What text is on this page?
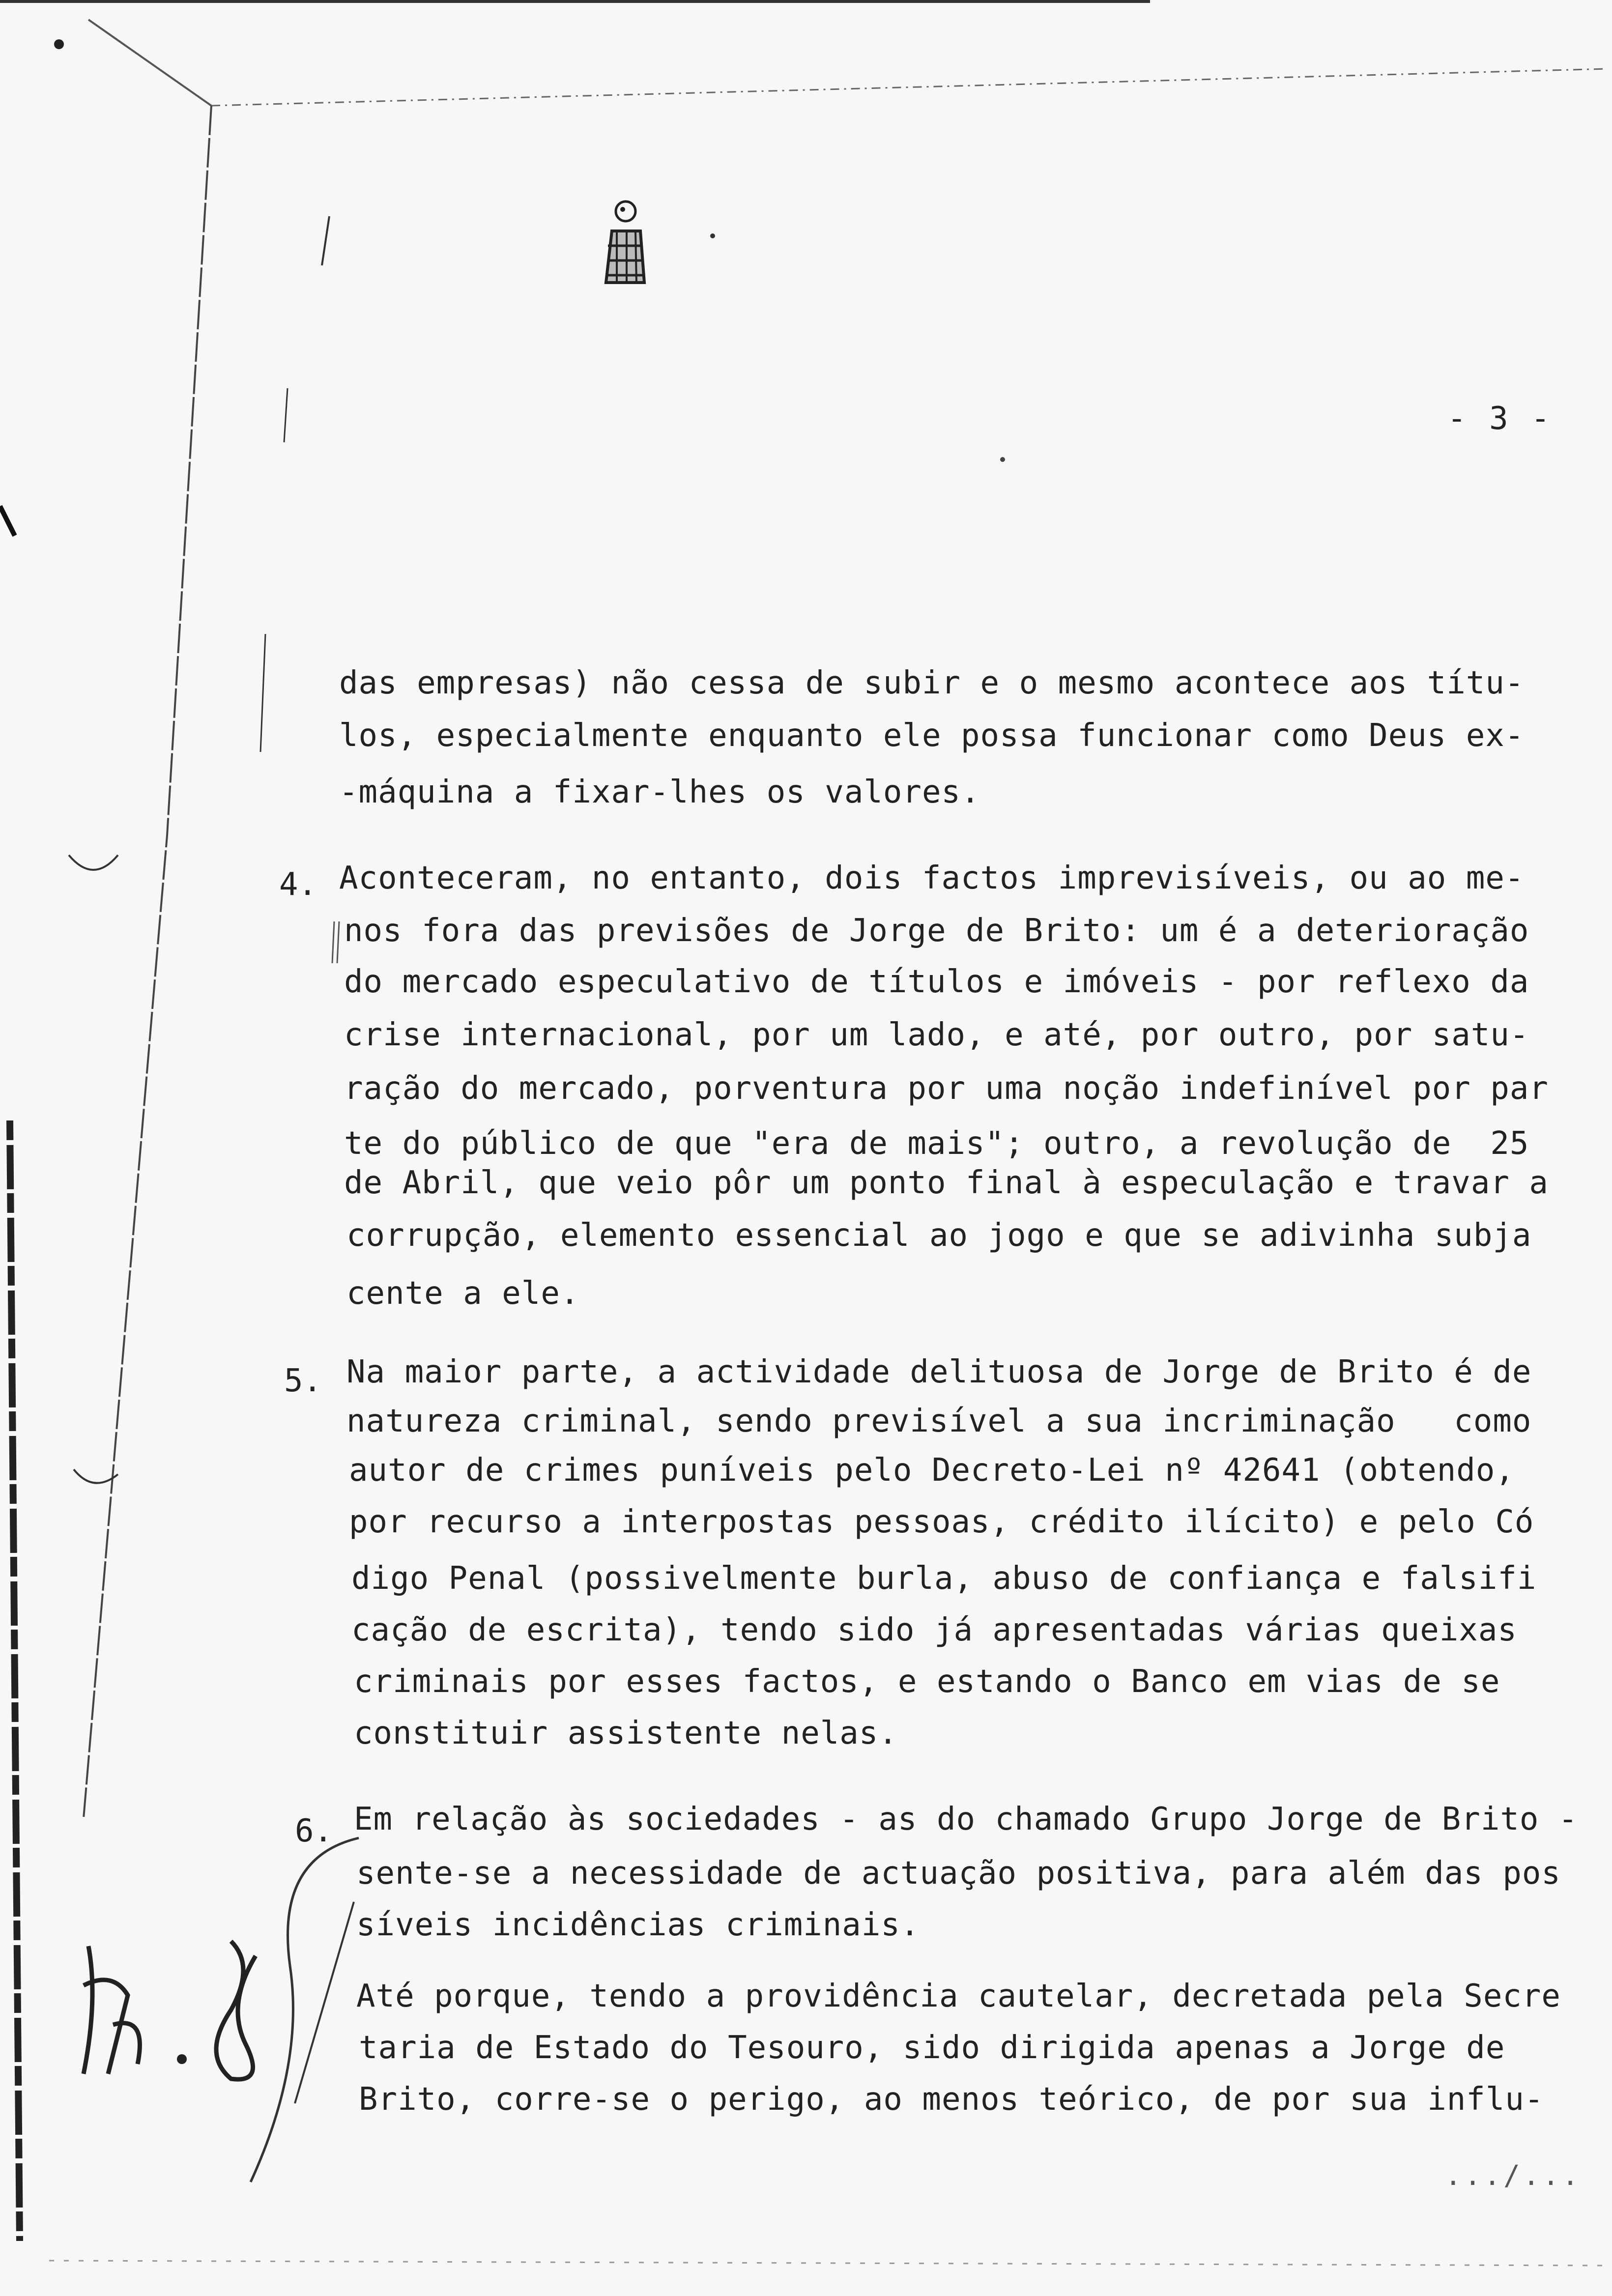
- 3 -
das empresas) não cessa de subir e o mesmo acontece aos títu-
los, especialmente enquanto ele possa funcionar como Deus ex-
-máquina a fixar-lhes os valores.
4. Aconteceram, no entanto, dois factos imprevisíveis, ou ao me-
nos fora das previsões de Jorge de Brito: um é a deterioração
do mercado especulativo de títulos e imóveis - por reflexo da
crise internacional, por um lado, e até, por outro, por satu-
ração do mercado, porventura por uma noção indefinível por par
te do público de que "era de mais"; outro, a revolução de  25
de Abril, que veio pôr um ponto final à especulação e travar a
corrupção, elemento essencial ao jogo e que se adivinha subja
cente a ele.
5. Na maior parte, a actividade delituosa de Jorge de Brito é de
natureza criminal, sendo previsível a sua incriminação   como
autor de crimes puníveis pelo Decreto-Lei nº 42641 (obtendo,
por recurso a interpostas pessoas, crédito ilícito) e pelo Có
digo Penal (possivelmente burla, abuso de confiança e falsifi
cação de escrita), tendo sido já apresentadas várias queixas
criminais por esses factos, e estando o Banco em vias de se
constituir assistente nelas.
6. Em relação às sociedades - as do chamado Grupo Jorge de Brito -
sente-se a necessidade de actuação positiva, para além das pos
síveis incidências criminais.
Até porque, tendo a providência cautelar, decretada pela Secre
taria de Estado do Tesouro, sido dirigida apenas a Jorge de
Brito, corre-se o perigo, ao menos teórico, de por sua influ-
.../...
